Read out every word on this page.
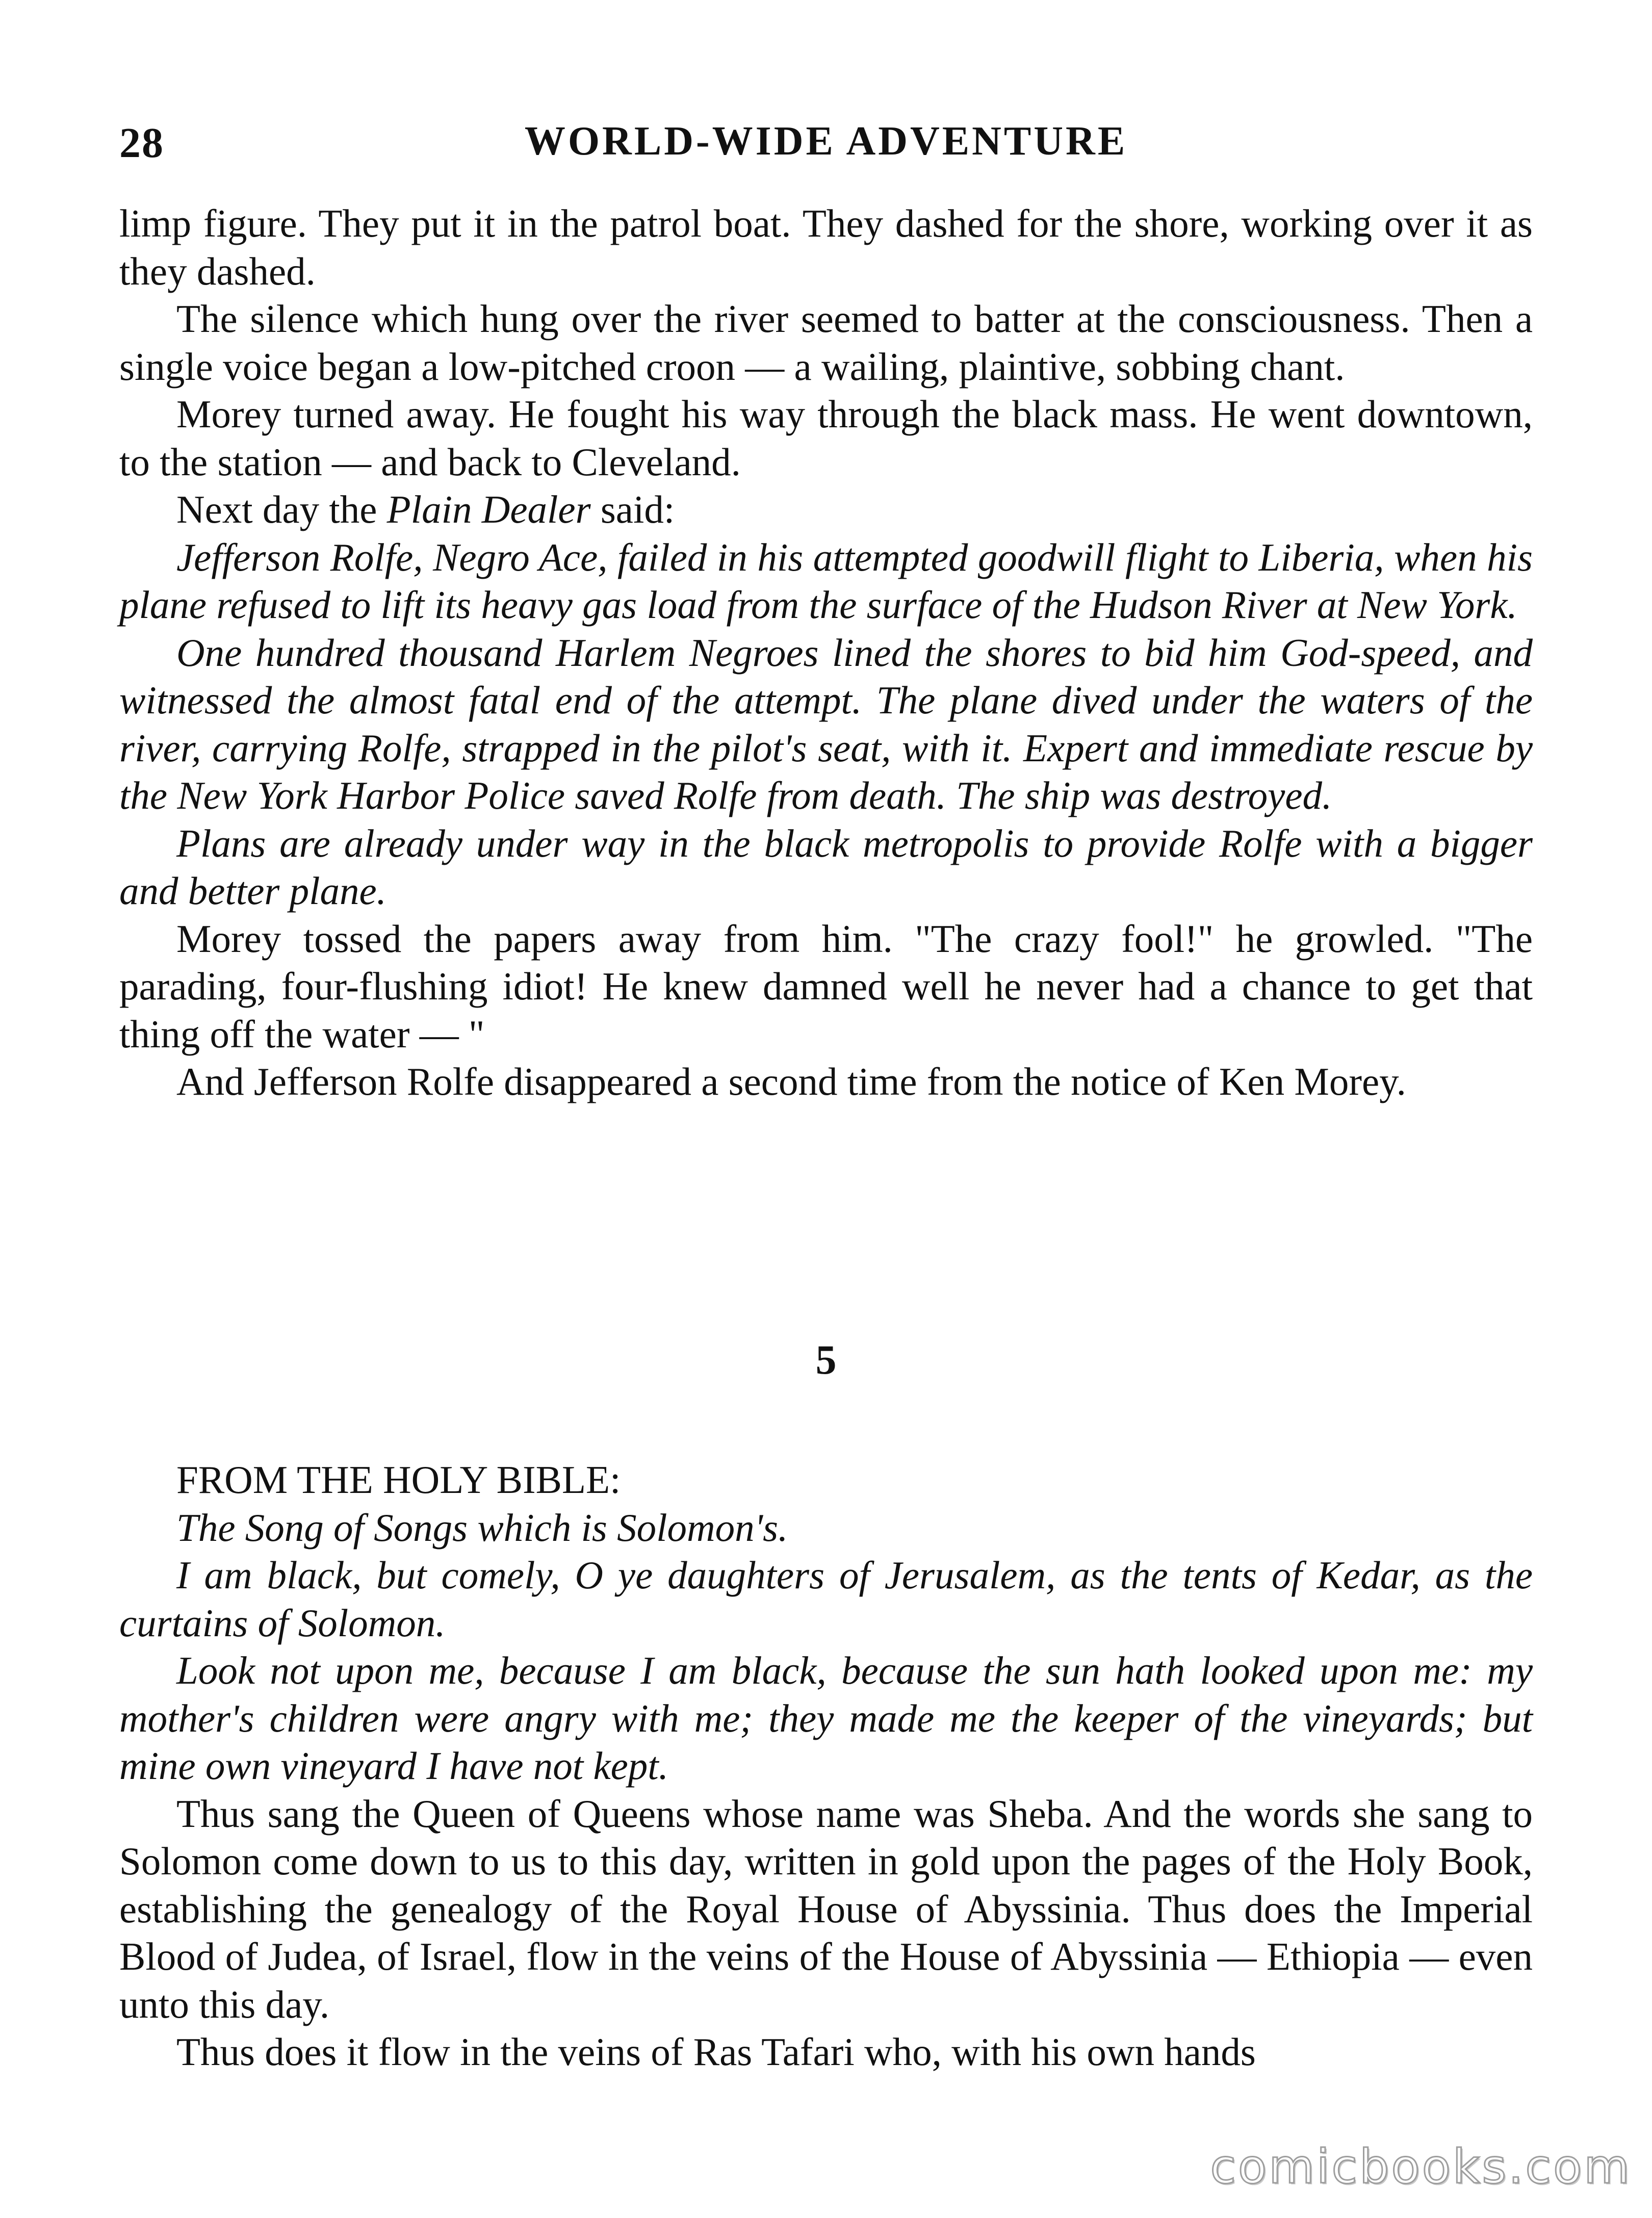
28	WORLD-WIDE ADVENTURE

limp figure. They put it in the patrol boat. They dashed for the shore, working over it as they dashed.

The silence which hung over the river seemed to batter at the consciousness. Then a single voice began a low-pitched croon — a wailing, plaintive, sobbing chant.

Morey turned away. He fought his way through the black mass. He went downtown, to the station — and back to Cleveland.

Next day the Plain Dealer said:

Jefferson Rolfe, Negro Ace, failed in his attempted goodwill flight to Liberia, when his plane refused to lift its heavy gas load from the surface of the Hudson River at New York.

One hundred thousand Harlem Negroes lined the shores to bid him God-speed, and witnessed the almost fatal end of the attempt. The plane dived under the waters of the river, carrying Rolfe, strapped in the pilot's seat, with it. Expert and immediate rescue by the New York Harbor Police saved Rolfe from death. The ship was destroyed.

Plans are already under way in the black metropolis to provide Rolfe with a bigger and better plane.

Morey tossed the papers away from him. "The crazy fool!" he growled. "The parading, four-flushing idiot! He knew damned well he never had a chance to get that thing off the water — "

And Jefferson Rolfe disappeared a second time from the notice of Ken Morey.

5

FROM THE HOLY BIBLE:

The Song of Songs which is Solomon's.

I am black, but comely, O ye daughters of Jerusalem, as the tents of Kedar, as the curtains of Solomon.

Look not upon me, because I am black, because the sun hath looked upon me: my mother's children were angry with me; they made me the keeper of the vineyards; but mine own vineyard I have not kept.

Thus sang the Queen of Queens whose name was Sheba. And the words she sang to Solomon come down to us to this day, written in gold upon the pages of the Holy Book, establishing the genealogy of the Royal House of Abyssinia. Thus does the Imperial Blood of Judea, of Israel, flow in the veins of the House of Abyssinia — Ethiopia — even unto this day.

Thus does it flow in the veins of Ras Tafari who, with his own hands

comicbooks.com
